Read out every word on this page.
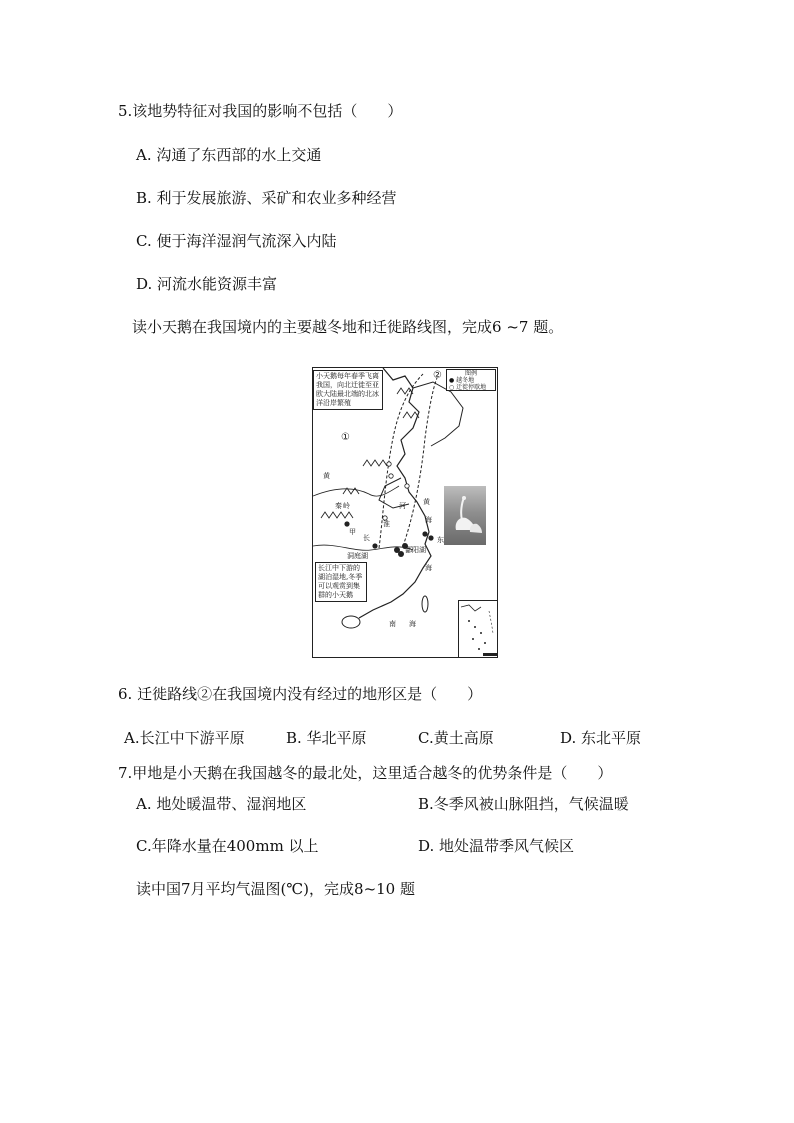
5.该地势特征对我国的影响不包括（　　）
A. 沟通了东西部的水上交通
B. 利于发展旅游、采矿和农业多种经营
C. 便于海洋湿润气流深入内陆
D. 河流水能资源丰富
读小天鹅在我国境内的主要越冬地和迁徙路线图，完成6 ~7 题。
小天鹅每年春季飞离我国，向北迁徙至亚欧大陆最北端的北冰洋沿岸繁殖
长江中下游的湖泊湿地,冬季可以观赏到集群的小天鹅
①
②
黄
秦 岭
甲
长
洞庭湖
鄱阳湖
淮
河 黄
海
东
海
南 海
图例
● 越冬地
○ 迁徙停歇地
6. 迁徙路线②在我国境内没有经过的地形区是（　　）
A.长江中下游平原	B. 华北平原	C.黄土高原	D. 东北平原
7.甲地是小天鹅在我国越冬的最北处，这里适合越冬的优势条件是（　　）
A. 地处暖温带、湿润地区	B.冬季风被山脉阻挡，气候温暖
C.年降水量在400mm 以上	D. 地处温带季风气候区
读中国7月平均气温图(℃)，完成8~10 题
